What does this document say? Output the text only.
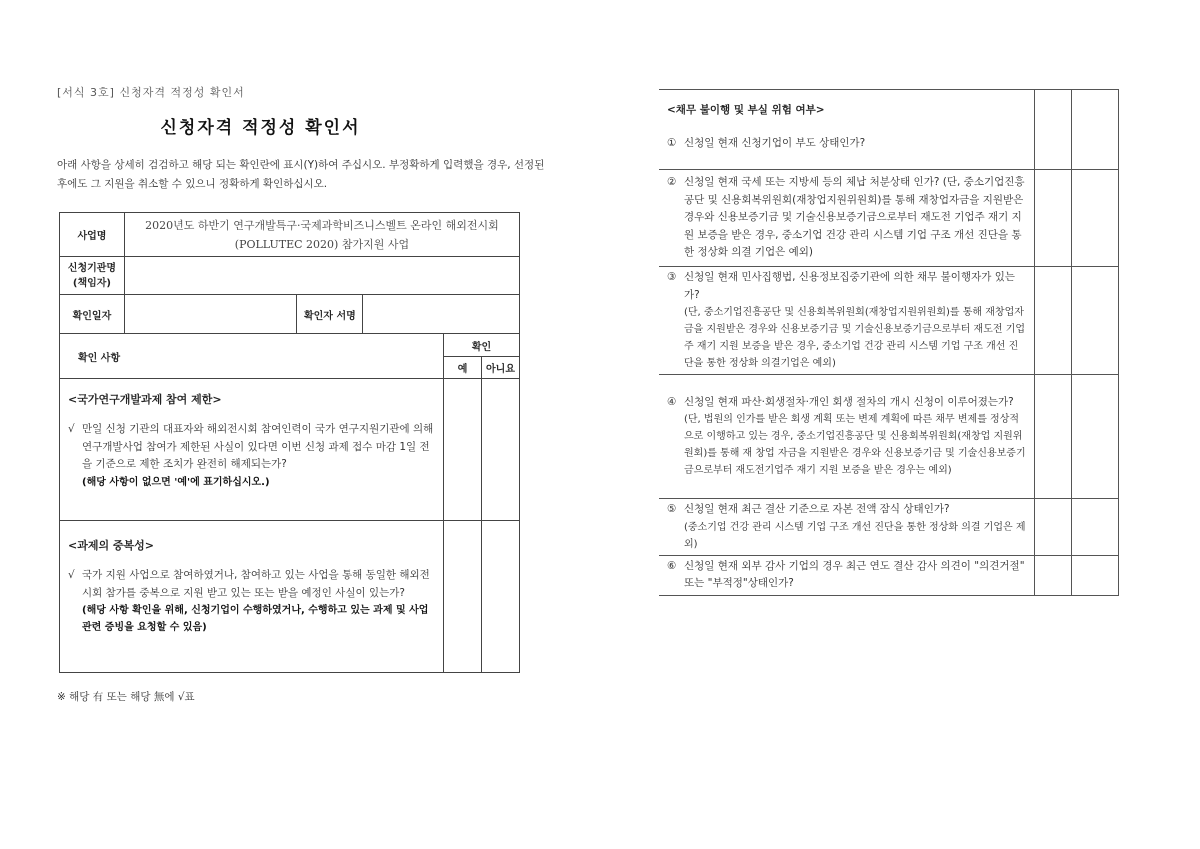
[서식 3호] 신청자격 적정성 확인서
신청자격 적정성 확인서
아래 사항을 상세히 검검하고 해당 되는 확인란에 표시(Y)하여 주십시오. 부정확하게 입력했을 경우, 선정된 후에도 그 지원을 취소할 수 있으니 정확하게 확인하십시오.
사업명	2020년도 하반기 연구개발특구·국제과학비즈니스벨트 온라인 해외전시회
(POLLUTEC 2020) 참가지원 사업				

신청기관명
(책임자)					

확인일자		확인자 서명			
확인 사항				확인	
				예	아니요

<국가연구개발과제 참여 제한>
√ 만일 신청 기관의 대표자와 해외전시회 참여인력이 국가 연구지원기관에 의해 연구개발사업 참여가 제한된 사실이 있다면 이번 신청 과제 접수 마감 1일 전을 기준으로 제한 조치가 완전히 해제되는가?
(해당 사항이 없으면 '예'에 표기하십시오.)					

<과제의 중복성>
√ 국가 지원 사업으로 참여하였거나, 참여하고 있는 사업을 통해 동일한 해외전시회 참가를 중복으로 지원 받고 있는 또는 받을 예정인 사실이 있는가?
(해당 사항 확인을 위해, 신청기업이 수행하였거나, 수행하고 있는 과제 및 사업 관련 증빙을 요청할 수 있음)					

※ 해당 有 또는 해당 無에 √표
<채무 불이행 및 부실 위험 여부>
① 신청일 현재 신청기업이 부도 상태인가?		

② 신청일 현재 국세 또는 지방세 등의 체납 처분상태 인가? (단, 중소기업진흥공단 및 신용회복위원회(재창업지원위원회)를 통해 재창업자금을 지원받은 경우와 신용보증기금 및 기술신용보증기금으로부터 재도전 기업주 재기 지원 보증을 받은 경우, 중소기업 건강 관리 시스템 기업 구조 개선 진단을 통한 정상화 의결 기업은 예외)		

③ 신청일 현재 민사집행법, 신용정보집중기관에 의한 채무 불이행자가 있는가?
(단, 중소기업진흥공단 및 신용회복위원회(재창업지원위원회)를 통해 재창업자금을 지원받은 경우와 신용보증기금 및 기술신용보증기금으로부터 재도전 기업주 재기 지원 보증을 받은 경우, 중소기업 건강 관리 시스템 기업 구조 개선 진단을 통한 정상화 의결기업은 예외)		

④ 신청일 현재 파산·회생절차·개인 회생 절차의 개시 신청이 이루어졌는가?
(단, 법원의 인가를 받은 회생 계획 또는 변제 계획에 따른 채무 변제를 정상적으로 이행하고 있는 경우, 중소기업진흥공단 및 신용회복위원회(재창업 지원위원회)를 통해 재 창업 자금을 지원받은 경우와 신용보증기금 및 기술신용보증기금으로부터 재도전기업주 재기 지원 보증을 받은 경우는 예외)		

⑤ 신청일 현재 최근 결산 기준으로 자본 전액 잠식 상태인가?
(중소기업 건강 관리 시스템 기업 구조 개선 진단을 통한 정상화 의결 기업은 제외)		

⑥ 신청일 현재 외부 감사 기업의 경우 최근 연도 결산 감사 의견이 "의견거절" 또는 "부적정"상태인가?		
